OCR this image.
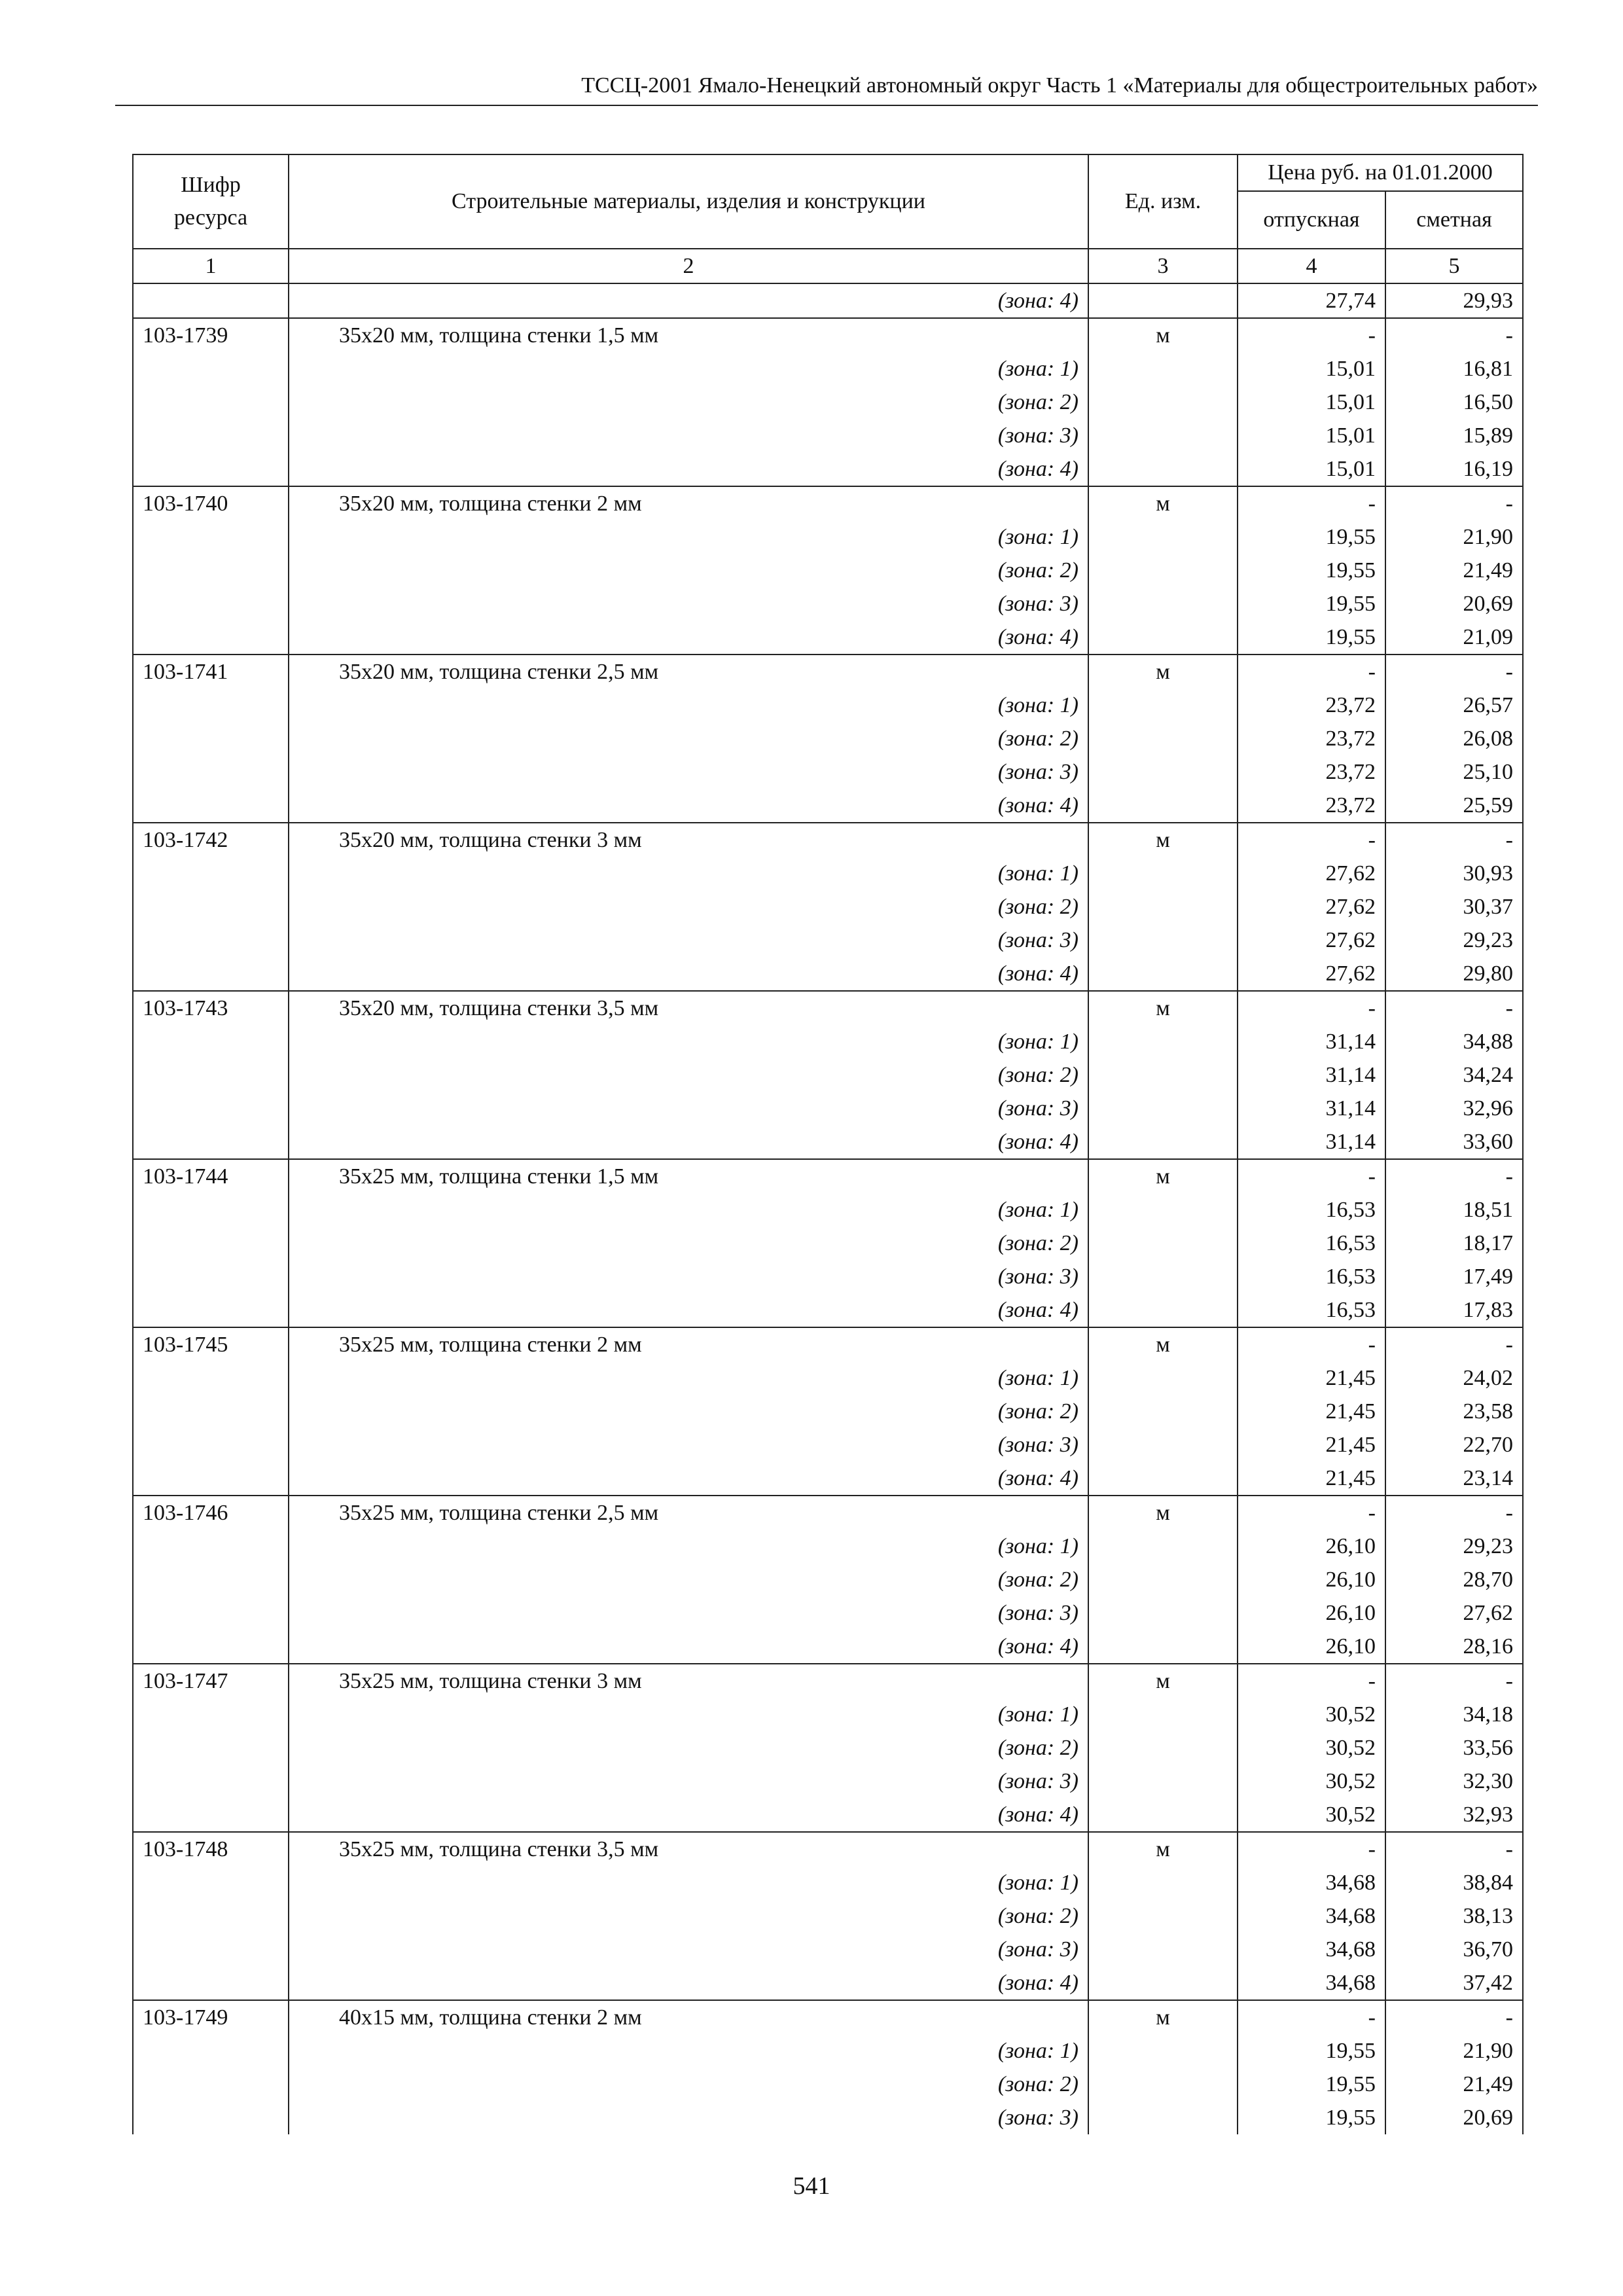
ТССЦ-2001 Ямало-Ненецкий автономный округ Часть 1 «Материалы для общестроительных работ»
Шифр ресурса	Строительные материалы, изделия и конструкции	Ед. изм.	Цена руб. на 01.01.2000	
			отпускная	сметная
1	2	3	4	5
	(зона: 4)		27,74	29,93
103-1739	35х20 мм, толщина стенки 1,5 мм	м	-	-
	(зона: 1)		15,01	16,81
	(зона: 2)		15,01	16,50
	(зона: 3)		15,01	15,89
	(зона: 4)		15,01	16,19
103-1740	35х20 мм, толщина стенки 2 мм	м	-	-
	(зона: 1)		19,55	21,90
	(зона: 2)		19,55	21,49
	(зона: 3)		19,55	20,69
	(зона: 4)		19,55	21,09
103-1741	35х20 мм, толщина стенки 2,5 мм	м	-	-
	(зона: 1)		23,72	26,57
	(зона: 2)		23,72	26,08
	(зона: 3)		23,72	25,10
	(зона: 4)		23,72	25,59
103-1742	35х20 мм, толщина стенки 3 мм	м	-	-
	(зона: 1)		27,62	30,93
	(зона: 2)		27,62	30,37
	(зона: 3)		27,62	29,23
	(зона: 4)		27,62	29,80
103-1743	35х20 мм, толщина стенки 3,5 мм	м	-	-
	(зона: 1)		31,14	34,88
	(зона: 2)		31,14	34,24
	(зона: 3)		31,14	32,96
	(зона: 4)		31,14	33,60
103-1744	35х25 мм, толщина стенки 1,5 мм	м	-	-
	(зона: 1)		16,53	18,51
	(зона: 2)		16,53	18,17
	(зона: 3)		16,53	17,49
	(зона: 4)		16,53	17,83
103-1745	35х25 мм, толщина стенки 2 мм	м	-	-
	(зона: 1)		21,45	24,02
	(зона: 2)		21,45	23,58
	(зона: 3)		21,45	22,70
	(зона: 4)		21,45	23,14
103-1746	35х25 мм, толщина стенки 2,5 мм	м	-	-
	(зона: 1)		26,10	29,23
	(зона: 2)		26,10	28,70
	(зона: 3)		26,10	27,62
	(зона: 4)		26,10	28,16
103-1747	35х25 мм, толщина стенки 3 мм	м	-	-
	(зона: 1)		30,52	34,18
	(зона: 2)		30,52	33,56
	(зона: 3)		30,52	32,30
	(зона: 4)		30,52	32,93
103-1748	35х25 мм, толщина стенки 3,5 мм	м	-	-
	(зона: 1)		34,68	38,84
	(зона: 2)		34,68	38,13
	(зона: 3)		34,68	36,70
	(зона: 4)		34,68	37,42
103-1749	40х15 мм, толщина стенки 2 мм	м	-	-
	(зона: 1)		19,55	21,90
	(зона: 2)		19,55	21,49
	(зона: 3)		19,55	20,69
541
